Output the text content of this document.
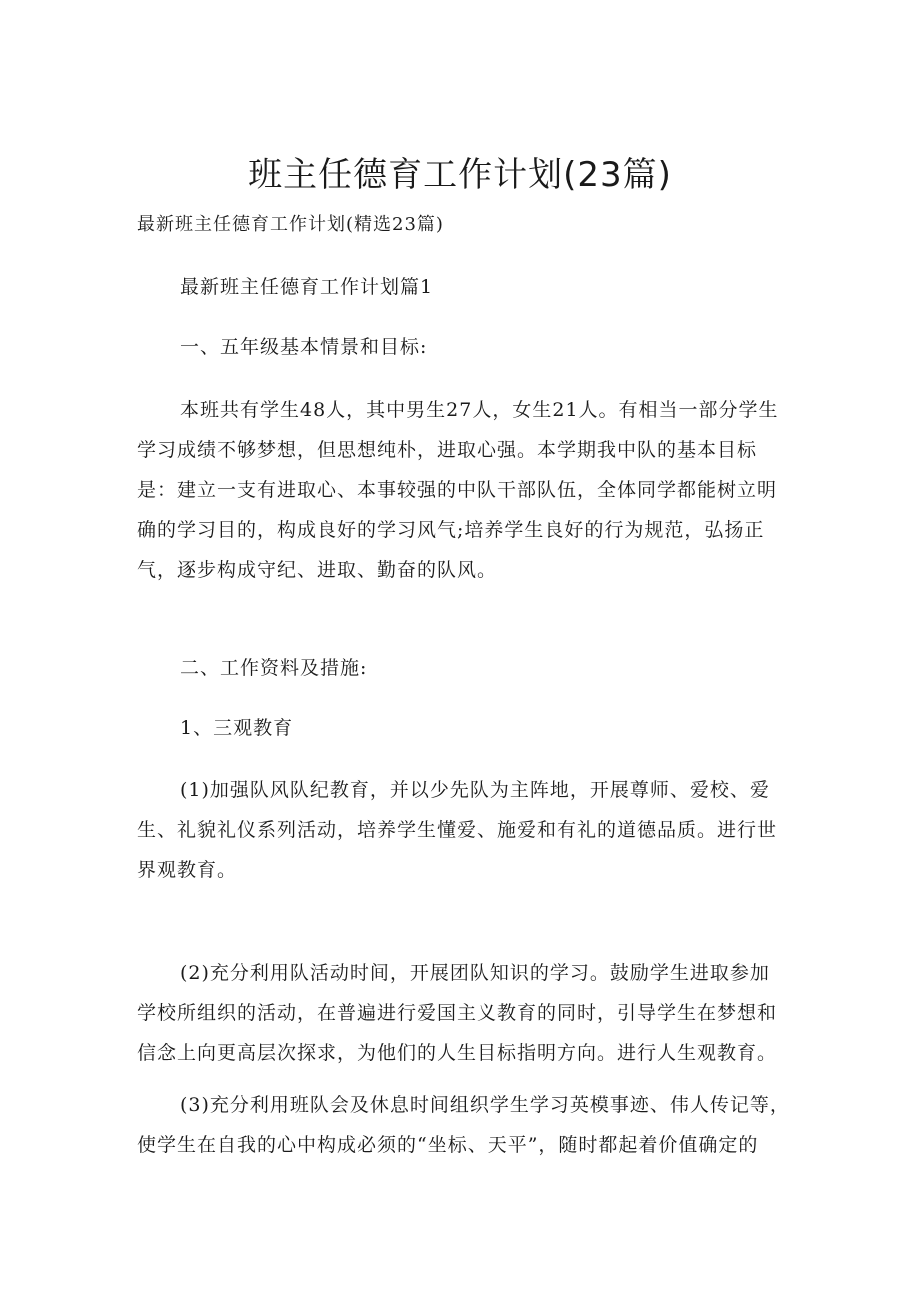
班主任德育工作计划(23篇)
最新班主任德育工作计划(精选23篇)
最新班主任德育工作计划篇1
一、五年级基本情景和目标:
本班共有学生48人，其中男生27人，女生21人。有相当一部分学生
学习成绩不够梦想，但思想纯朴，进取心强。本学期我中队的基本目标
是：建立一支有进取心、本事较强的中队干部队伍，全体同学都能树立明
确的学习目的，构成良好的学习风气;培养学生良好的行为规范，弘扬正
气，逐步构成守纪、进取、勤奋的队风。
二、工作资料及措施:
1、三观教育
(1)加强队风队纪教育，并以少先队为主阵地，开展尊师、爱校、爱
生、礼貌礼仪系列活动，培养学生懂爱、施爱和有礼的道德品质。进行世
界观教育。
(2)充分利用队活动时间，开展团队知识的学习。鼓励学生进取参加
学校所组织的活动，在普遍进行爱国主义教育的同时，引导学生在梦想和
信念上向更高层次探求，为他们的人生目标指明方向。进行人生观教育。
(3)充分利用班队会及休息时间组织学生学习英模事迹、伟人传记等，
使学生在自我的心中构成必须的“坐标、天平”，随时都起着价值确定的
